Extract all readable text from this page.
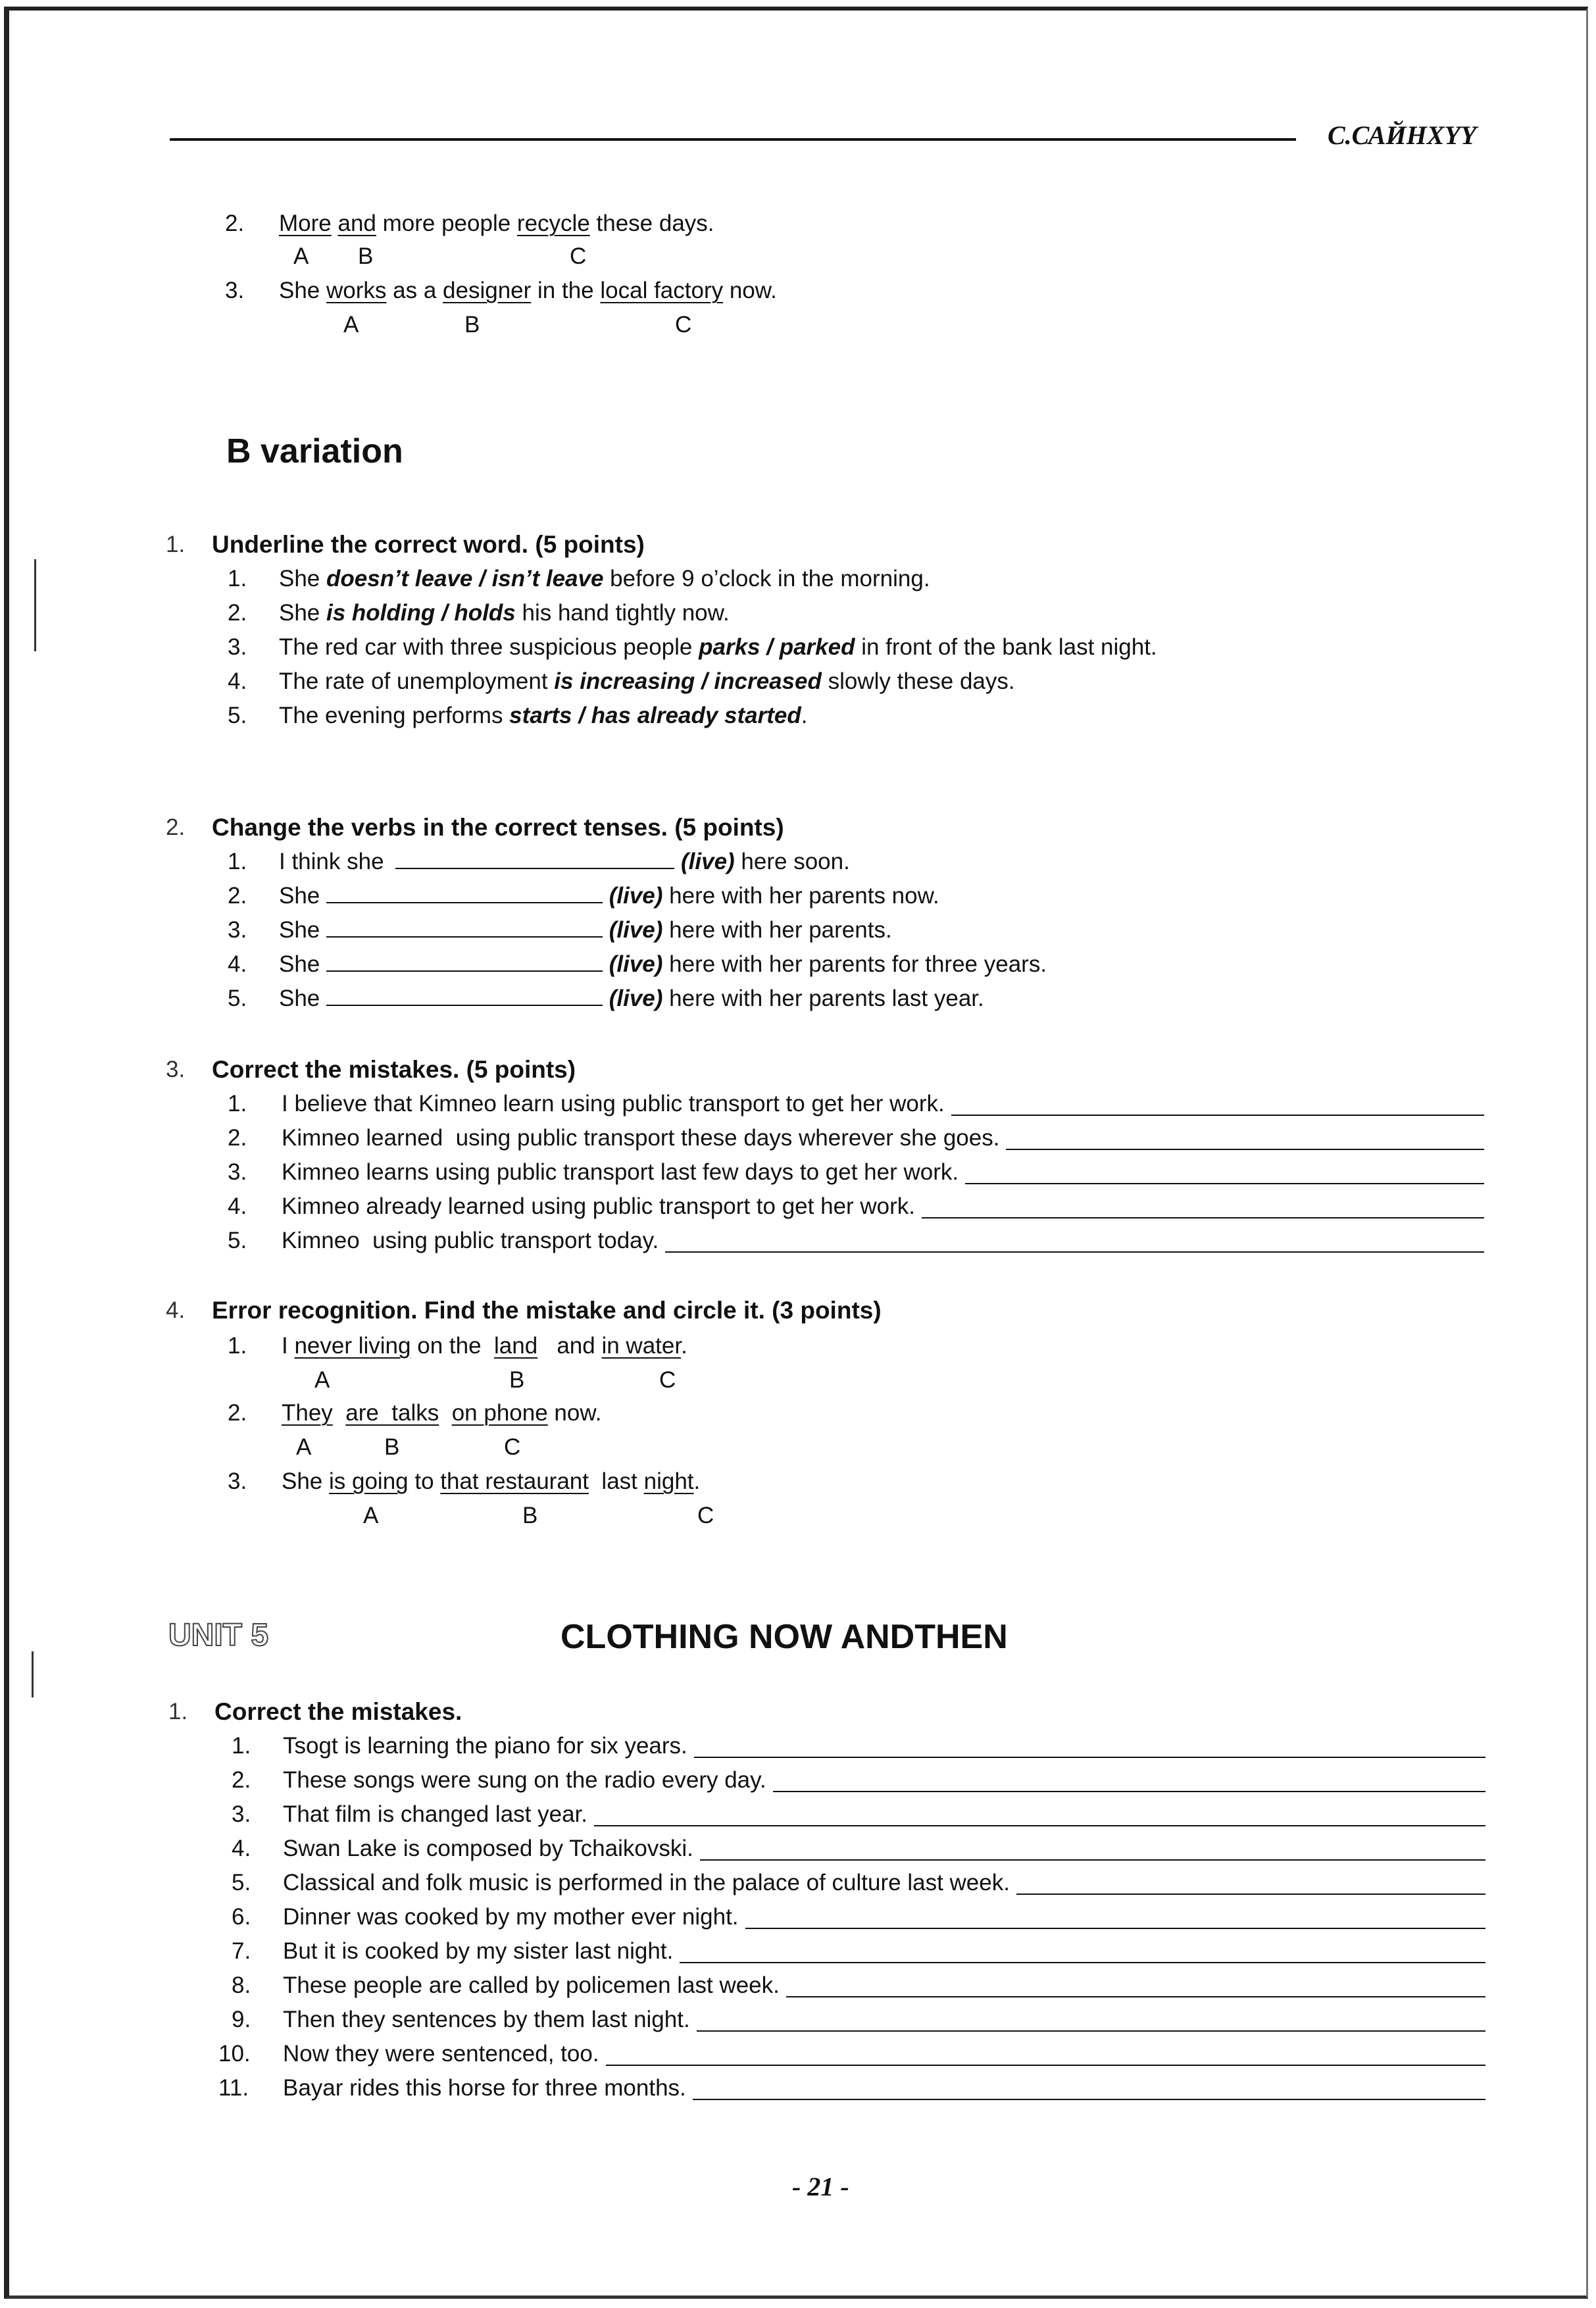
С.САЙНХҮҮ
2. More and more people recycle these days.
A B	C
3. She works as a designer in the local factory now.
A	B	C
B variation
1. Underline the correct word. (5 points)
1. She doesn’t leave / isn’t leave before 9 o’clock in the morning.
2. She is holding / holds his hand tightly now.
3. The red car with three suspicious people parks / parked in front of the bank last night.
4. The rate of unemployment is increasing / increased slowly these days.
5. The evening performs starts / has already started.
2. Change the verbs in the correct tenses. (5 points)
1. I think she	(live) here soon.
2. She	(live) here with her parents now.
3. She	(live) here with her parents.
4. She	(live) here with her parents for three years.
5. She	(live) here with her parents last year.
3. Correct the mistakes. (5 points)
1. I believe that Kimneo learn using public transport to get her work.
2. Kimneo learned  using public transport these days wherever she goes.
3. Kimneo learns using public transport last few days to get her work.
4. Kimneo already learned using public transport to get her work.
5. Kimneo  using public transport today.
4. Error recognition. Find the mistake and circle it. (3 points)
1. I never living on the  land   and in water.
A	B	C
2. They are  talks on phone now.
A	B	C
3. She is going to that restaurant  last night.
A	B	C
UNIT 5	CLOTHING NOW ANDTHEN
1. Correct the mistakes.
1. Tsogt is learning the piano for six years.
2. These songs were sung on the radio every day.
3. That film is changed last year.
4. Swan Lake is composed by Tchaikovski.
5. Classical and folk music is performed in the palace of culture last week.
6. Dinner was cooked by my mother ever night.
7. But it is cooked by my sister last night.
8. These people are called by policemen last week.
9. Then they sentences by them last night.
10. Now they were sentenced, too.
11. Bayar rides this horse for three months.
- 21 -
